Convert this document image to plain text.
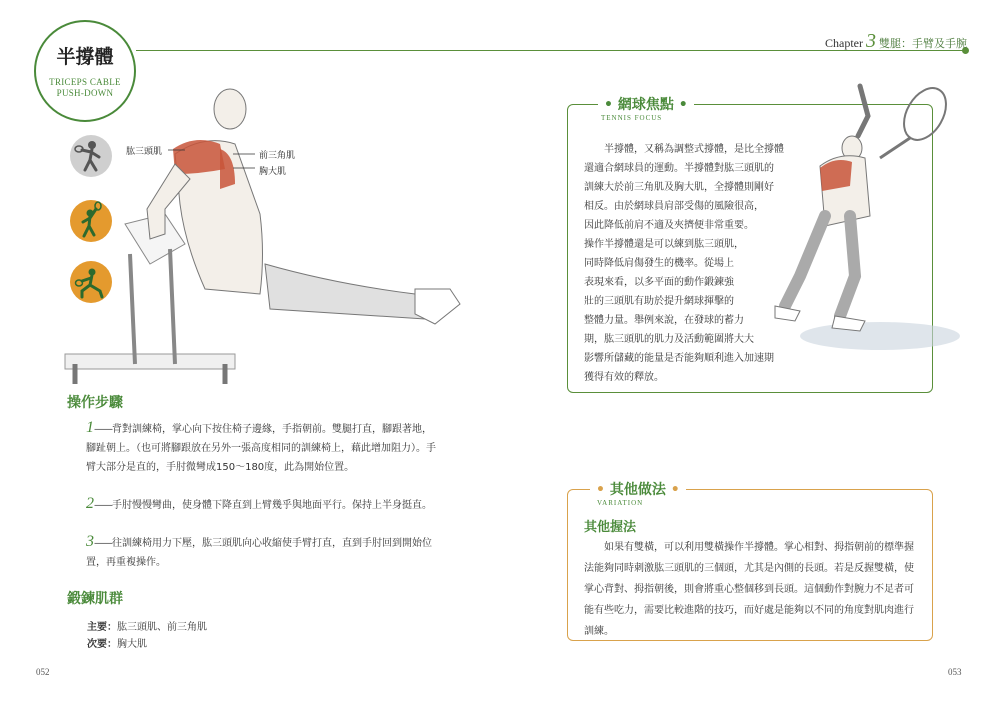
半撐體
TRICEPS CABLE PUSH-DOWN
Chapter 3 雙腿：手臂及手腕
肱三頭肌	前三角肌
胸大肌
操作步驟
1——背對訓練椅，掌心向下按住椅子邊緣，手指朝前。雙腿打直，腳跟著地，腳趾朝上。（也可將腳跟放在另外一張高度相同的訓練椅上，藉此增加阻力）。手臂大部分是直的，手肘微彎成150～180度，此為開始位置。
2——手肘慢慢彎曲，使身體下降直到上臂幾乎與地面平行。保持上半身挺直。
3——往訓練椅用力下壓，肱三頭肌向心收縮使手臂打直，直到手肘回到開始位置，再重複操作。
鍛鍊肌群
主要：肱三頭肌、前三角肌
次要：胸大肌
• 網球焦點 •
TENNIS FOCUS
半撐體，又稱為調整式撐體，是比全撐體
還適合網球員的運動。半撐體對肱三頭肌的
訓練大於前三角肌及胸大肌，全撐體則剛好
相反。由於網球員肩部受傷的風險很高，
因此降低前肩不適及夾擠便非常重要。
操作半撐體還是可以練到肱三頭肌，
同時降低肩傷發生的機率。從場上
表現來看，以多平面的動作鍛鍊強
壯的三頭肌有助於提升網球揮擊的
整體力量。舉例來說，在發球的蓄力
期，肱三頭肌的肌力及活動範圍將大大
影響所儲藏的能量是否能夠順利進入加速期
獲得有效的釋放。
• 其他做法 •
VARIATION
其他握法
如果有雙橫，可以利用雙橫操作半撐體。掌心相對、拇指朝前的標準握法能夠同時刺激肱三頭肌的三個頭，尤其是內側的長頭。若是反握雙橫，使掌心背對、拇指朝後，則會將重心整個移到長頭。這個動作對腕力不足者可能有些吃力，需要比較進階的技巧，而好處是能夠以不同的角度對肌肉進行訓練。
052	053
